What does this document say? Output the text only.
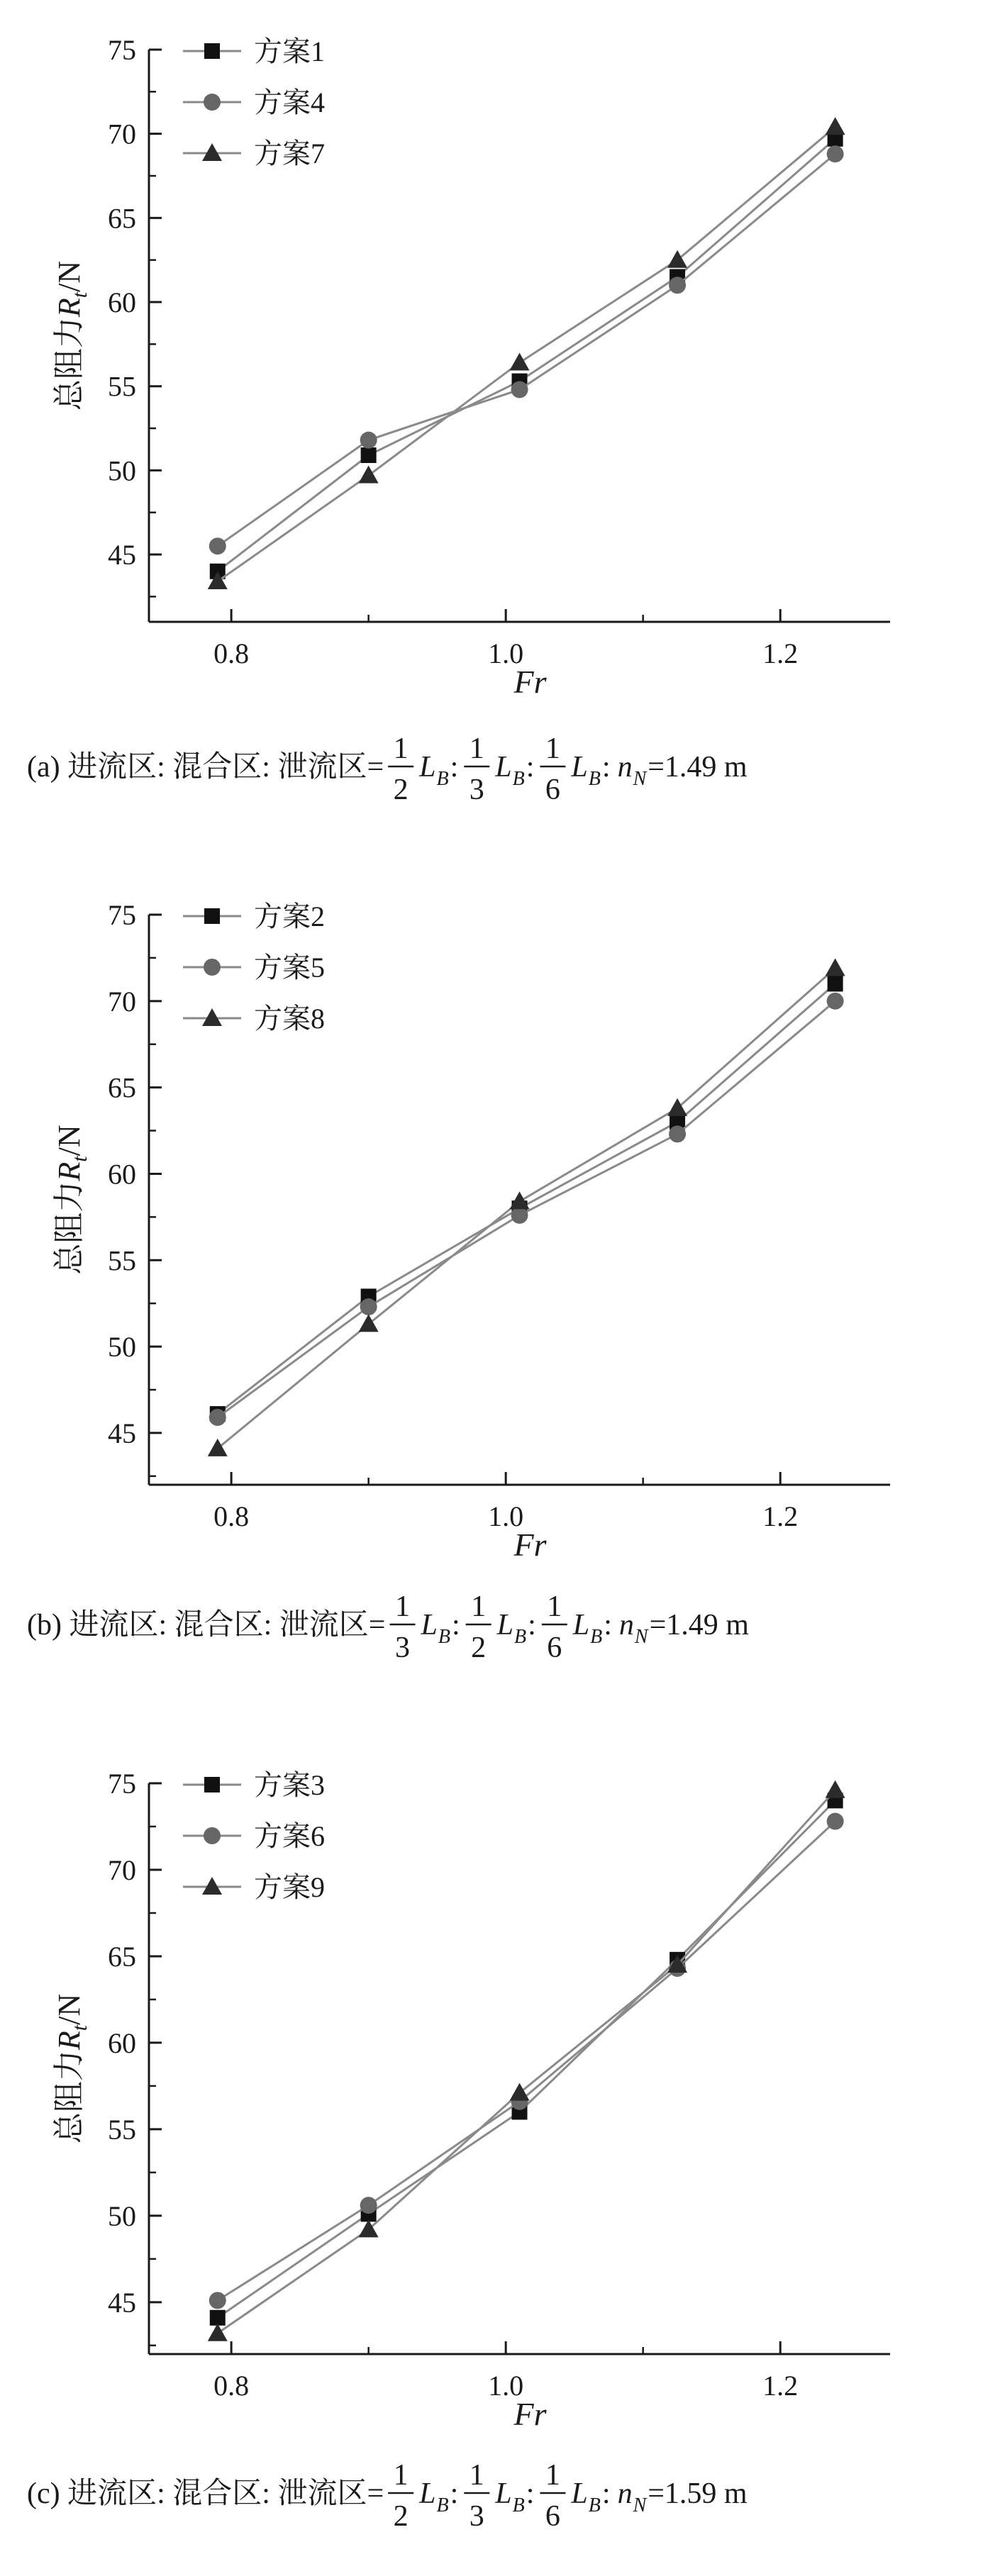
45
50
55
60
65
70
75
0.8	1.0	1.2
Fr
总阻力$R_t/N$
方案1
方案4
方案7
(a) 进流区: 混合区: 泄流区=
1
2
L B :
1
3
L B :
1
6
L B : n N =1.49 m
45
50
55
60
65
70
75
0.8	1.0	1.2
Fr
总阻力$R_t/N$
方案2
方案5
方案8
(b) 进流区: 混合区: 泄流区=
1
3
L B :
1
2
L B :
1
6
L B : n N =1.49 m
45
50
55
60
65
70
75
0.8	1.0	1.2
Fr
总阻力$R_t/N$
方案3
方案6
方案9
(c) 进流区: 混合区: 泄流区=
1
2
L B :
1
3
L B :
1
6
L B : n N =1.59 m
